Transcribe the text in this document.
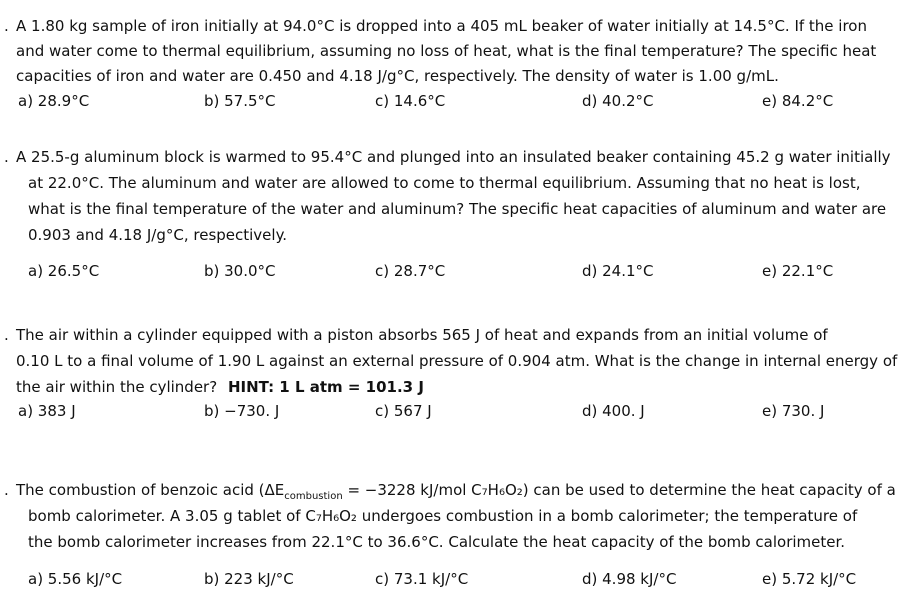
. A 1.80 kg sample of iron initially at 94.0°C is dropped into a 405 mL beaker of water initially at 14.5°C. If the iron
and water come to thermal equilibrium, assuming no loss of heat, what is the final temperature? The specific heat
capacities of iron and water are 0.450 and 4.18 J/g°C, respectively. The density of water is 1.00 g/mL.
a) 28.9°C	b) 57.5°C	c) 14.6°C	d) 40.2°C	e) 84.2°C
. A 25.5-g aluminum block is warmed to 95.4°C and plunged into an insulated beaker containing 45.2 g water initially
at 22.0°C. The aluminum and water are allowed to come to thermal equilibrium. Assuming that no heat is lost,
what is the final temperature of the water and aluminum? The specific heat capacities of aluminum and water are
0.903 and 4.18 J/g°C, respectively.
a) 26.5°C	b) 30.0°C	c) 28.7°C	d) 24.1°C	e) 22.1°C
. The air within a cylinder equipped with a piston absorbs 565 J of heat and expands from an initial volume of
0.10 L to a final volume of 1.90 L against an external pressure of 0.904 atm. What is the change in internal energy of
the air within the cylinder? HINT: 1 L atm = 101.3 J
a) 383 J	b) −730. J	c) 567 J	d) 400. J	e) 730. J
. The combustion of benzoic acid ($\Delta E_{combustion} = -3228$ kJ/mol C₇H₆O₂) can be used to determine the heat capacity of a
bomb calorimeter. A 3.05 g tablet of C₇H₆O₂ undergoes combustion in a bomb calorimeter; the temperature of
the bomb calorimeter increases from 22.1°C to 36.6°C. Calculate the heat capacity of the bomb calorimeter.
a) 5.56 kJ/°C	b) 223 kJ/°C	c) 73.1 kJ/°C	d) 4.98 kJ/°C	e) 5.72 kJ/°C
